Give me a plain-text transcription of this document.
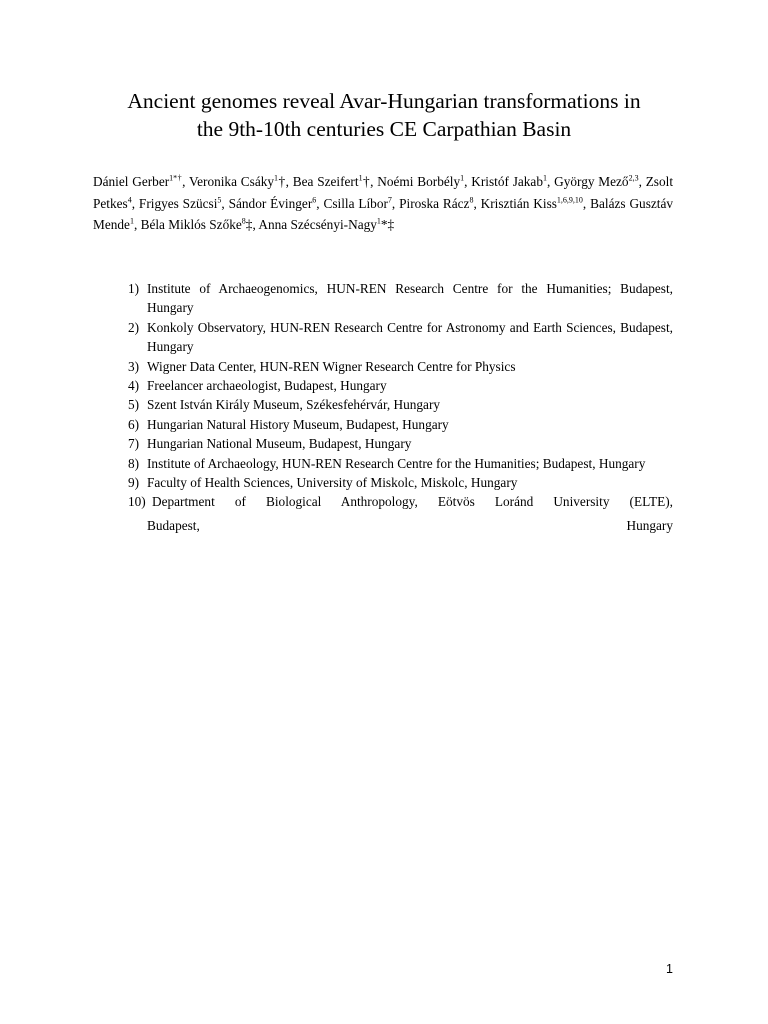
Ancient genomes reveal Avar-Hungarian transformations in
the 9th-10th centuries CE Carpathian Basin
Dániel Gerber$^{1*\dagger}$, Veronika Csáky$^1$†, Bea Szeifert$^1$†, Noémi Borbély$^1$, Kristóf Jakab$^1$, György Mező$^{2,3}$, Zsolt Petkes$^4$, Frigyes Szücsi$^5$, Sándor Évinger$^6$, Csilla Líbor$^7$, Piroska Rácz$^8$, Krisztián Kiss$^{1,6,9,10}$, Balázs Gusztáv Mende$^1$, Béla Miklós Szőke$^8$‡, Anna Szécsényi-Nagy$^1$*‡
1) Institute of Archaeogenomics, HUN-REN Research Centre for the Humanities; Budapest, Hungary
2) Konkoly Observatory, HUN-REN Research Centre for Astronomy and Earth Sciences, Budapest, Hungary
3) Wigner Data Center, HUN-REN Wigner Research Centre for Physics
4) Freelancer archaeologist, Budapest, Hungary
5) Szent István Király Museum, Székesfehérvár, Hungary
6) Hungarian Natural History Museum, Budapest, Hungary
7) Hungarian National Museum, Budapest, Hungary
8) Institute of Archaeology, HUN-REN Research Centre for the Humanities; Budapest, Hungary
9) Faculty of Health Sciences, University of Miskolc, Miskolc, Hungary
10) Department of Biological Anthropology, Eötvös Loránd University (ELTE),
Budapest, Hungary
1
